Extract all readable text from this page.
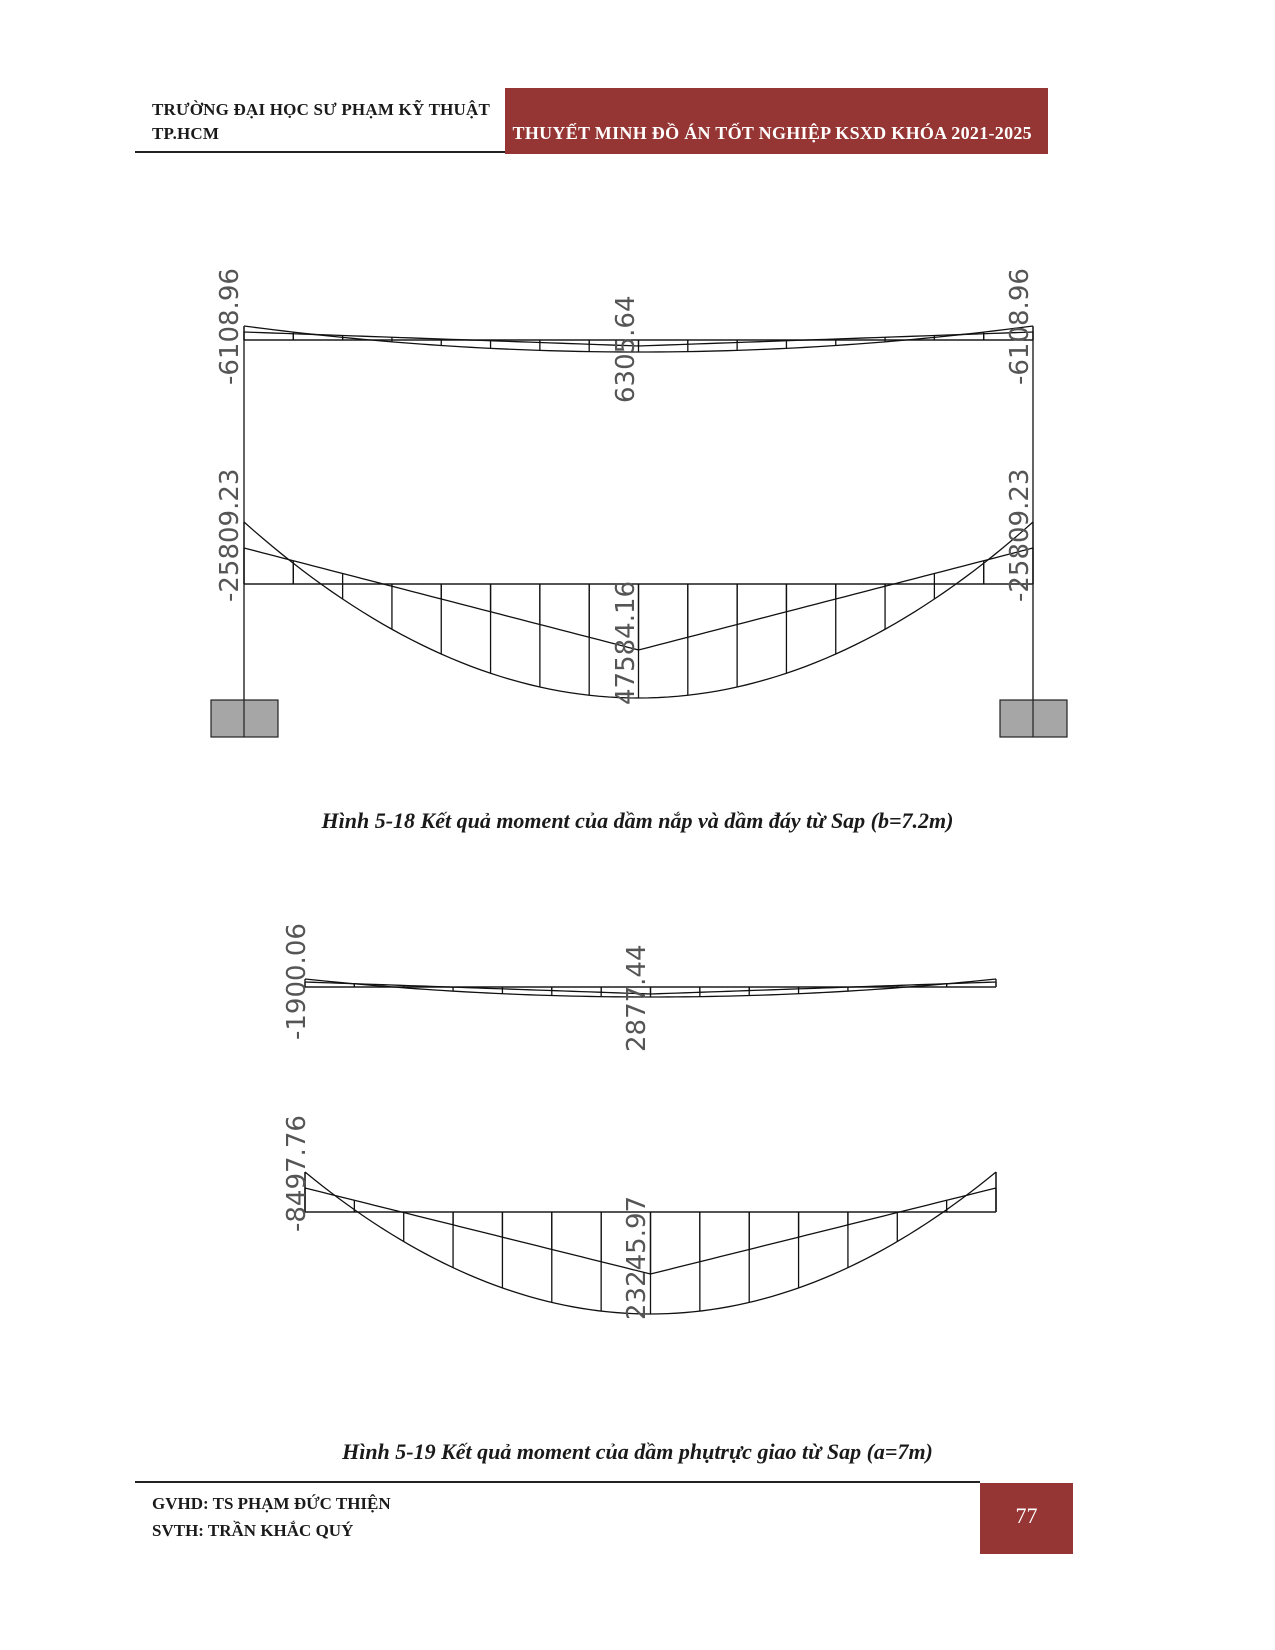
TRƯỜNG ĐẠI HỌC SƯ PHẠM KỸ THUẬT
TP.HCM	THUYẾT MINH ĐỒ ÁN TỐT NGHIỆP KSXD KHÓA 2021-2025
-6108.96	6305.64	-6108.96
-25809.23
47584.16
-25809.23
Hình 5-18 Kết quả moment của dầm nắp và dầm đáy từ Sap (b=7.2m)
-1900.06	2877.44
-8497.76
23245.97
Hình 5-19 Kết quả moment của dầm phụtrực giao từ Sap (a=7m)
GVHD: TS PHẠM ĐỨC THIỆN
SVTH: TRẦN KHẮC QUÝ
77
